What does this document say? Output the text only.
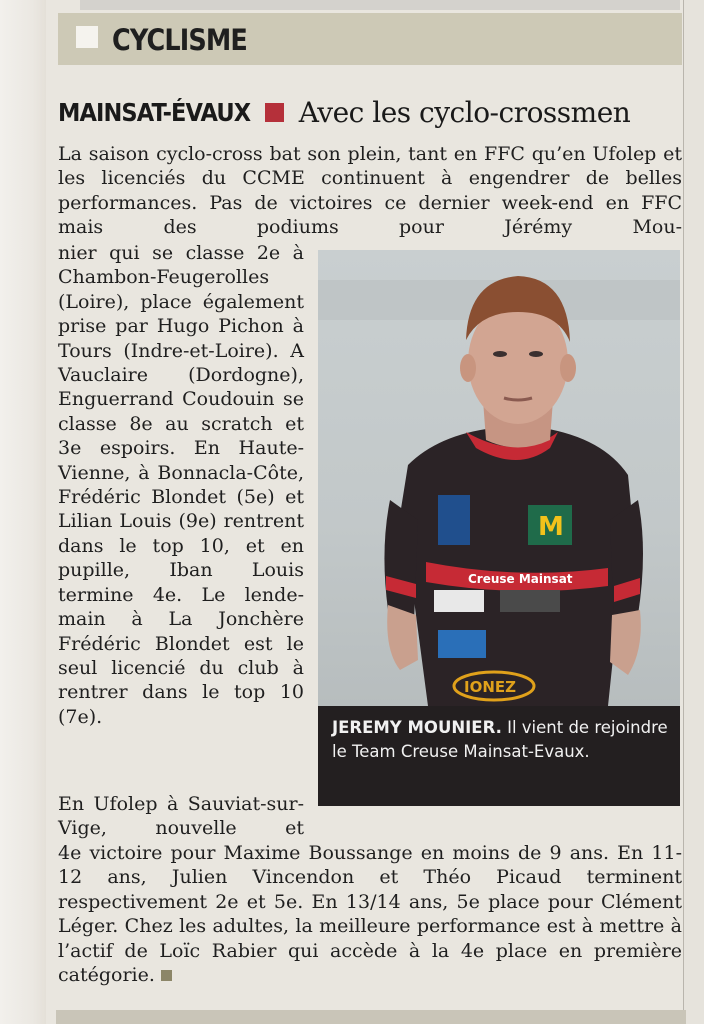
CYCLISME
MAINSAT-ÉVAUX Avec les cyclo-crossmen

La saison cyclo-cross bat son plein, tant en FFC qu’en Ufolep et les licenciés du CCME continuent à engendrer de belles performances. Pas de victoires ce dernier week-end en FFC mais des podiums pour Jérémy Mou-

nier qui se classe 2e à Chambon-Feugerolles (Loire), place également prise par Hugo Pichon à Tours (Indre-et-Loire). A Vauclaire (Dordogne), Enguerrand Coudouin se classe 8e au scratch et 3e espoirs. En Haute-Vienne, à Bonnacla-Côte, Frédéric Blondet (5e) et Lilian Louis (9e) rentrent dans le top 10, et en pupille, Iban Louis termine 4e. Le lendemain à La Jonchère Frédéric Blondet est le seul licencié du club à rentrer dans le top 10 (7e).

En Ufolep à Sauviat-sur-Vige, nouvelle et

4e victoire pour Maxime Boussange en moins de 9 ans. En 11-12 ans, Julien Vincendon et Théo Picaud terminent respectivement 2e et 5e. En 13/14 ans, 5e place pour Clément Léger. Chez les adultes, la meilleure performance est à mettre à l’actif de Loïc Rabier qui accède à la 4e place en première catégorie.

Creuse Mainsat
M
IONEZ
JEREMY MOUNIER. Il vient de rejoindre le Team Creuse Mainsat-Evaux.
